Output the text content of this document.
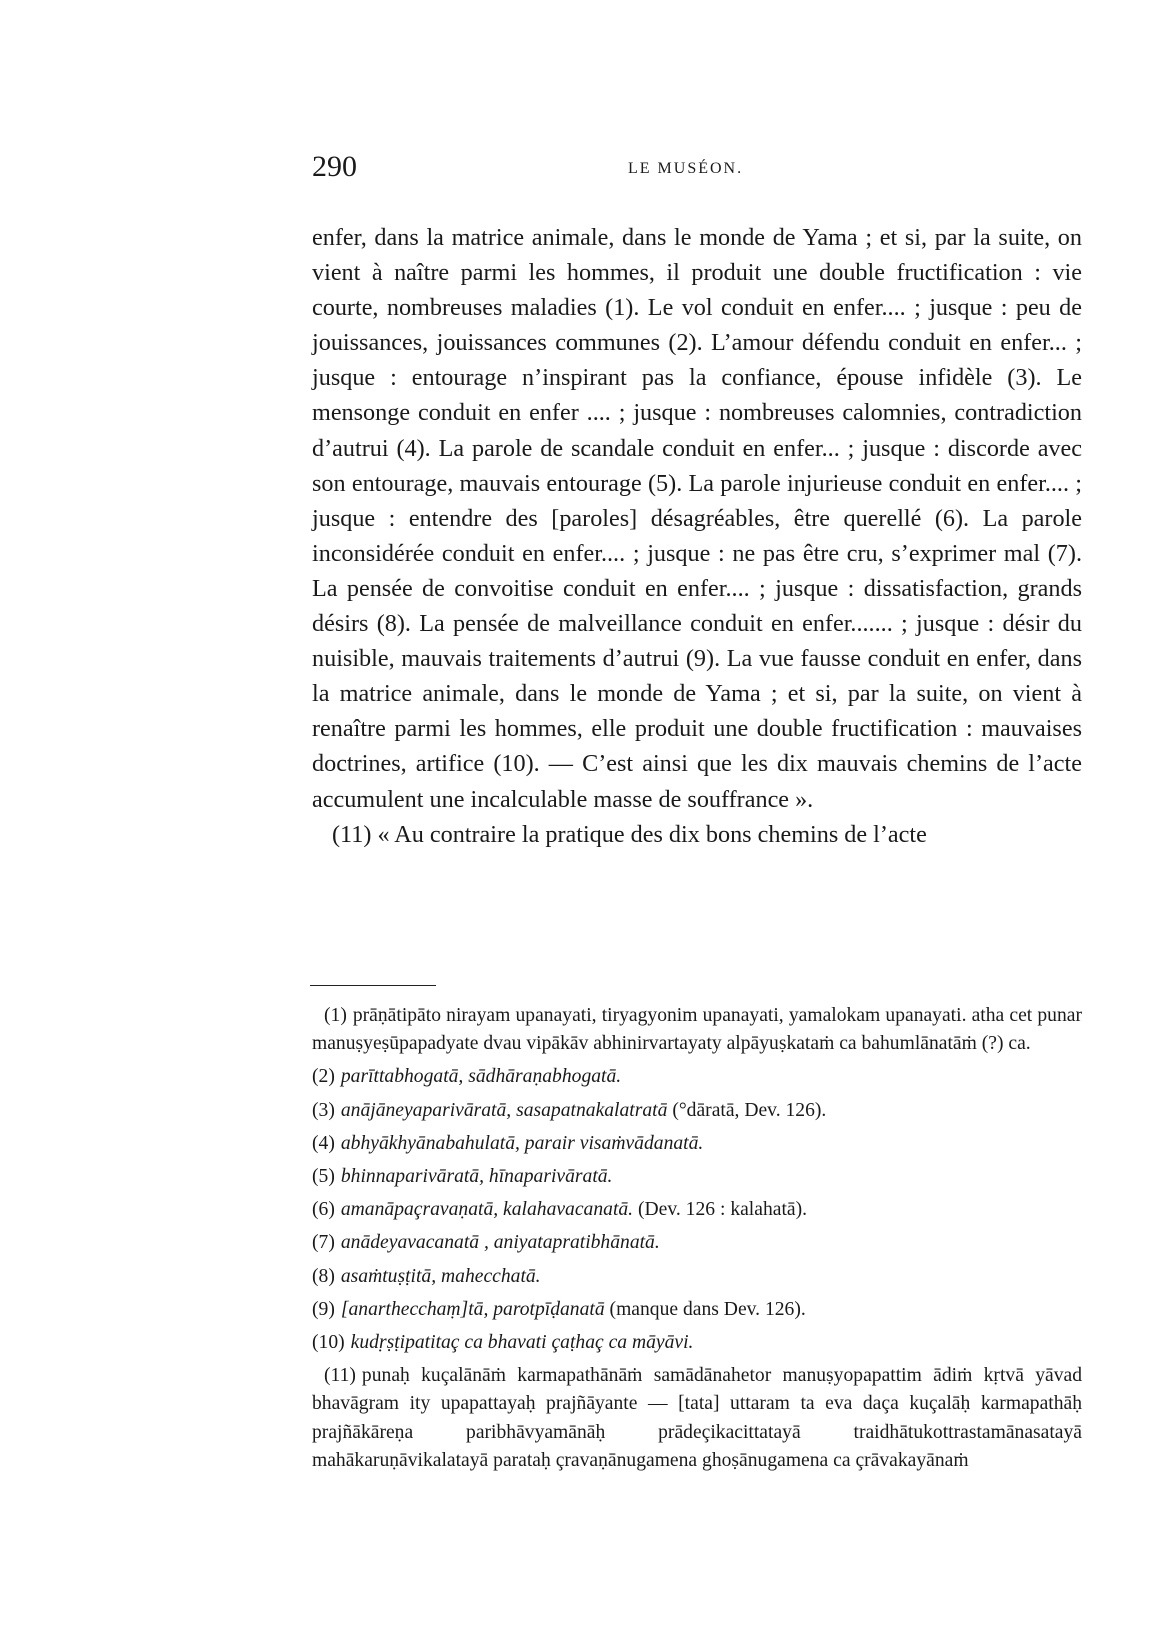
290	LE MUSÉON.

enfer, dans la matrice animale, dans le monde de Yama ; et si, par la suite, on vient à naître parmi les hommes, il produit une double fructification : vie courte, nombreuses maladies (1). Le vol conduit en enfer.... ; jusque : peu de jouissances, jouissances communes (2). L’amour défendu conduit en enfer... ; jusque : entourage n’inspirant pas la confiance, épouse infidèle (3). Le mensonge conduit en enfer .... ; jusque : nombreuses calomnies, contradiction d’autrui (4). La parole de scandale conduit en enfer... ; jusque : discorde avec son entourage, mauvais entourage (5). La parole injurieuse conduit en enfer.... ; jusque : entendre des [paroles] désagréables, être querellé (6). La parole inconsidérée conduit en enfer.... ; jusque : ne pas être cru, s’exprimer mal (7). La pensée de convoitise conduit en enfer.... ; jusque : dissatisfaction, grands désirs (8). La pensée de malveillance conduit en enfer....... ; jusque : désir du nuisible, mauvais traitements d’autrui (9). La vue fausse conduit en enfer, dans la matrice animale, dans le monde de Yama ; et si, par la suite, on vient à renaître parmi les hommes, elle produit une double fructification : mauvaises doctrines, artifice (10). — C’est ainsi que les dix mauvais chemins de l’acte accumulent une incalculable masse de souffrance ».

(11) « Au contraire la pratique des dix bons chemins de l’acte

(1) prāṇātipāto nirayam upanayati, tiryagyonim upanayati, yamalokam upanayati. atha cet punar manuṣyeṣūpapadyate dvau vipākāv abhinirvartayaty alpāyuṣkataṁ ca bahumlānatāṁ (?) ca.

(2) parīttabhogatā, sādhāraṇabhogatā.

(3) anājāneyaparivāratā, sasapatnakalatratā (°dāratā, Dev. 126).

(4) abhyākhyānabahulatā, parair visaṁvādanatā.

(5) bhinnaparivāratā, hīnaparivāratā.

(6) amanāpaçravaṇatā, kalahavacanatā. (Dev. 126 : kalahatā).

(7) anādeyavacanatā , aniyatapratibhānatā.

(8) asaṁtuṣṭitā, mahecchatā.

(9) [anarthecchaṃ]tā, parotpīḍanatā (manque dans Dev. 126).

(10) kudṛṣṭipatitaç ca bhavati çaṭhaç ca māyāvi.

(11) punaḥ kuçalānāṁ karmapathānāṁ samādānahetor manuṣyopapattim ādiṁ kṛtvā yāvad bhavāgram ity upapattayaḥ prajñāyante — [tata] uttaram ta eva daça kuçalāḥ karmapathāḥ prajñākāreṇa paribhāvyamānāḥ prādeçikacittatayā traidhātukottrastamānasatayā mahākaruṇāvikalatayā parataḥ çravaṇānugamena ghoṣānugamena ca çrāvakayānaṁ
